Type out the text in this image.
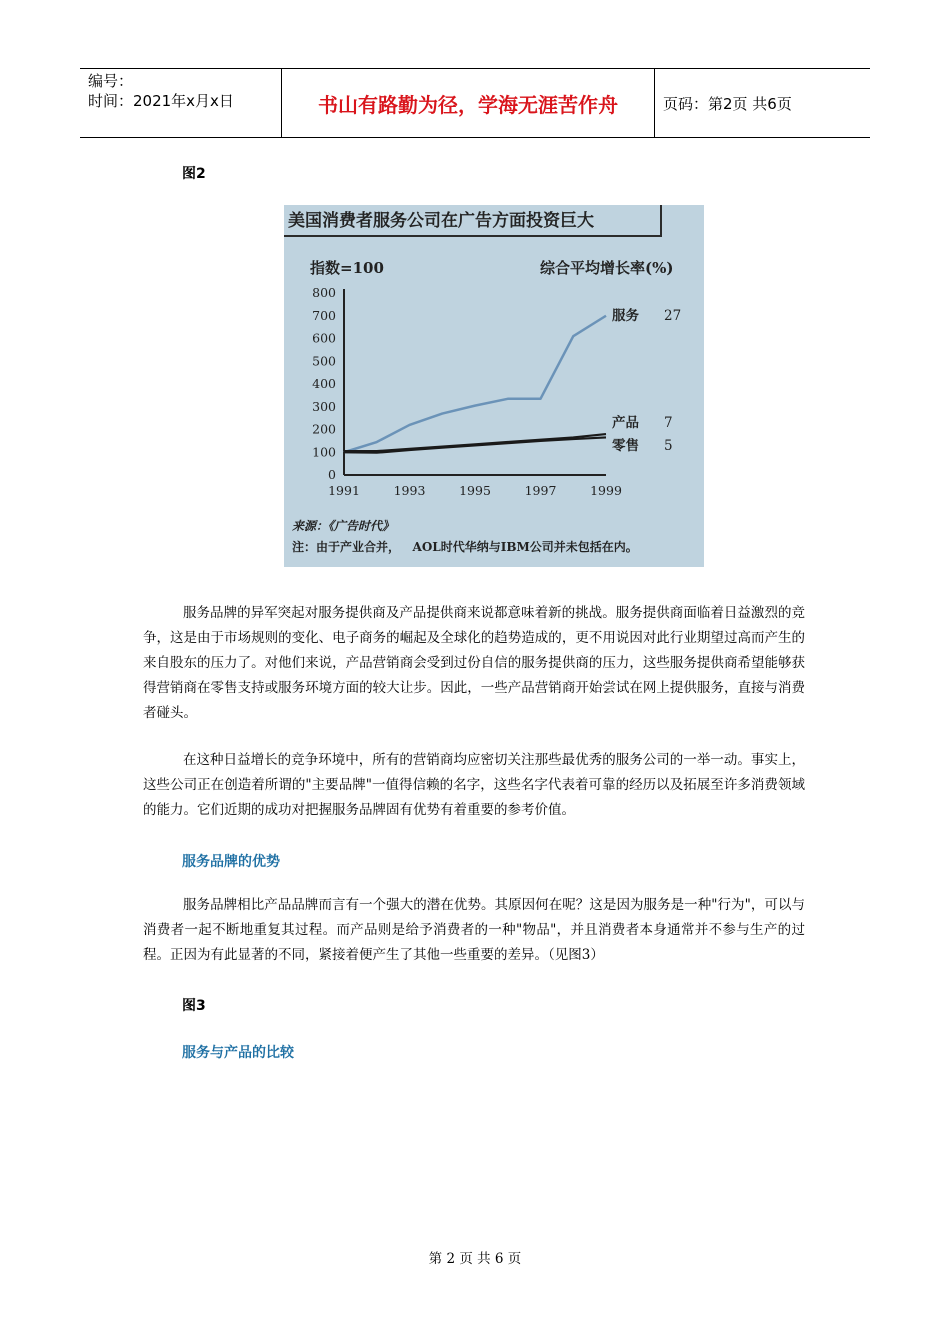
编号：
时间：2021年x月x日	书山有路勤为径，学海无涯苦作舟	页码：第2页 共6页
图2
美国消费者服务公司在广告方面投资巨大
指数=100	综合平均增长率(%)
0
100
200
300
400
500
600
700
800
1991	1993	1995	1997	1999
服务 27
产品 7
零售 5
来源：《广告时代》
注：由于产业合并，   AOL时代华纳与IBM公司并未包括在内。

服务品牌的异军突起对服务提供商及产品提供商来说都意味着新的挑战。服务提供商面临着日益激烈的竞争，这是由于市场规则的变化、电子商务的崛起及全球化的趋势造成的，更不用说因对此行业期望过高而产生的来自股东的压力了。对他们来说，产品营销商会受到过份自信的服务提供商的压力，这些服务提供商希望能够获得营销商在零售支持或服务环境方面的较大让步。因此，一些产品营销商开始尝试在网上提供服务，直接与消费者碰头。

在这种日益增长的竞争环境中，所有的营销商均应密切关注那些最优秀的服务公司的一举一动。事实上，这些公司正在创造着所谓的"主要品牌"一值得信赖的名字，这些名字代表着可靠的经历以及拓展至许多消费领域的能力。它们近期的成功对把握服务品牌固有优势有着重要的参考价值。

服务品牌的优势

服务品牌相比产品品牌而言有一个强大的潜在优势。其原因何在呢？这是因为服务是一种"行为"，可以与消费者一起不断地重复其过程。而产品则是给予消费者的一种"物品"，并且消费者本身通常并不参与生产的过程。正因为有此显著的不同，紧接着便产生了其他一些重要的差异。（见图3）

图3
服务与产品的比较
第 2 页 共 6 页
